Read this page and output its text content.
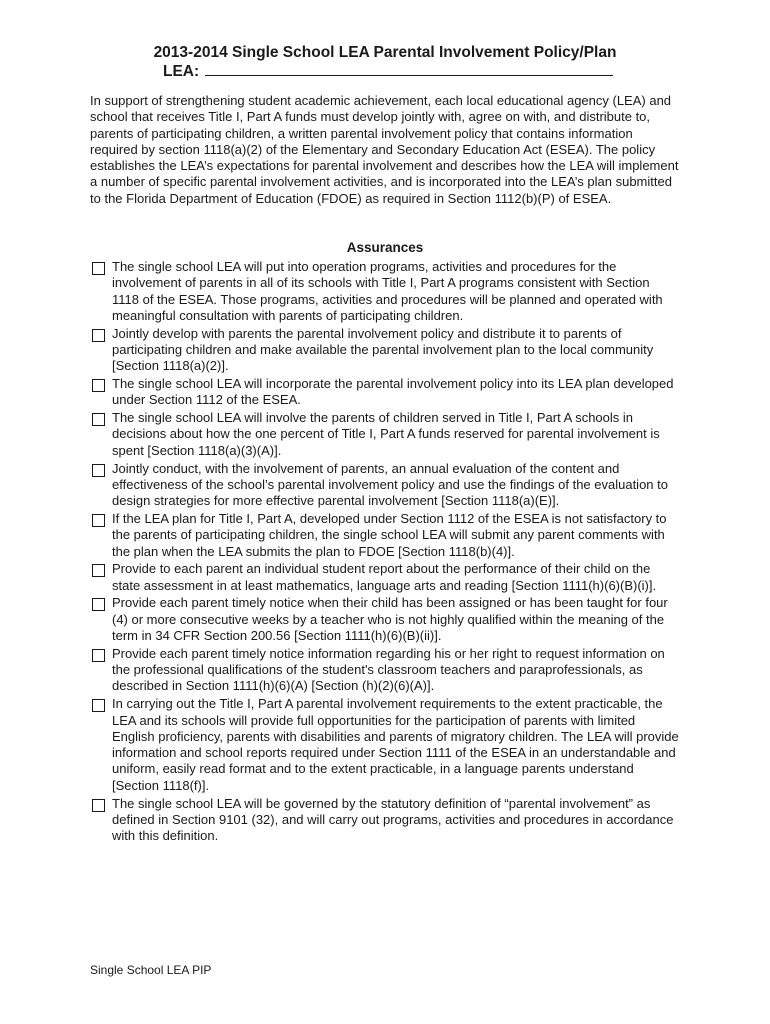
2013-2014 Single School LEA Parental Involvement Policy/Plan
LEA:
In support of strengthening student academic achievement, each local educational agency (LEA) and school that receives Title I, Part A funds must develop jointly with, agree on with, and distribute to, parents of participating children, a written parental involvement policy that contains information required by section 1118(a)(2) of the Elementary and Secondary Education Act (ESEA). The policy establishes the LEA’s expectations for parental involvement and describes how the LEA will implement a number of specific parental involvement activities, and is incorporated into the LEA’s plan submitted to the Florida Department of Education (FDOE) as required in Section 1112(b)(P) of ESEA.
Assurances
The single school LEA will put into operation programs, activities and procedures for the involvement of parents in all of its schools with Title I, Part A programs consistent with Section 1118 of the ESEA. Those programs, activities and procedures will be planned and operated with meaningful consultation with parents of participating children.
Jointly develop with parents the parental involvement policy and distribute it to parents of participating children and make available the parental involvement plan to the local community [Section 1118(a)(2)].
The single school LEA will incorporate the parental involvement policy into its LEA plan developed under Section 1112 of the ESEA.
The single school LEA will involve the parents of children served in Title I, Part A schools in decisions about how the one percent of Title I, Part A funds reserved for parental involvement is spent [Section 1118(a)(3)(A)].
Jointly conduct, with the involvement of parents, an annual evaluation of the content and effectiveness of the school’s parental involvement policy and use the findings of the evaluation to design strategies for more effective parental involvement [Section 1118(a)(E)].
If the LEA plan for Title I, Part A, developed under Section 1112 of the ESEA is not satisfactory to the parents of participating children, the single school LEA will submit any parent comments with the plan when the LEA submits the plan to FDOE [Section 1118(b)(4)].
Provide to each parent an individual student report about the performance of their child on the state assessment in at least mathematics, language arts and reading [Section 1111(h)(6)(B)(i)].
Provide each parent timely notice when their child has been assigned or has been taught for four (4) or more consecutive weeks by a teacher who is not highly qualified within the meaning of the term in 34 CFR Section 200.56 [Section 1111(h)(6)(B)(ii)].
Provide each parent timely notice information regarding his or her right to request information on the professional qualifications of the student's classroom teachers and paraprofessionals, as described in Section 1111(h)(6)(A) [Section (h)(2)(6)(A)].
In carrying out the Title I, Part A parental involvement requirements to the extent practicable, the LEA and its schools will provide full opportunities for the participation of parents with limited English proficiency, parents with disabilities and parents of migratory children. The LEA will provide information and school reports required under Section 1111 of the ESEA in an understandable and uniform, easily read format and to the extent practicable, in a language parents understand [Section 1118(f)].
The single school LEA will be governed by the statutory definition of “parental involvement” as defined in Section 9101 (32), and will carry out programs, activities and procedures in accordance with this definition.
Single School LEA PIP
